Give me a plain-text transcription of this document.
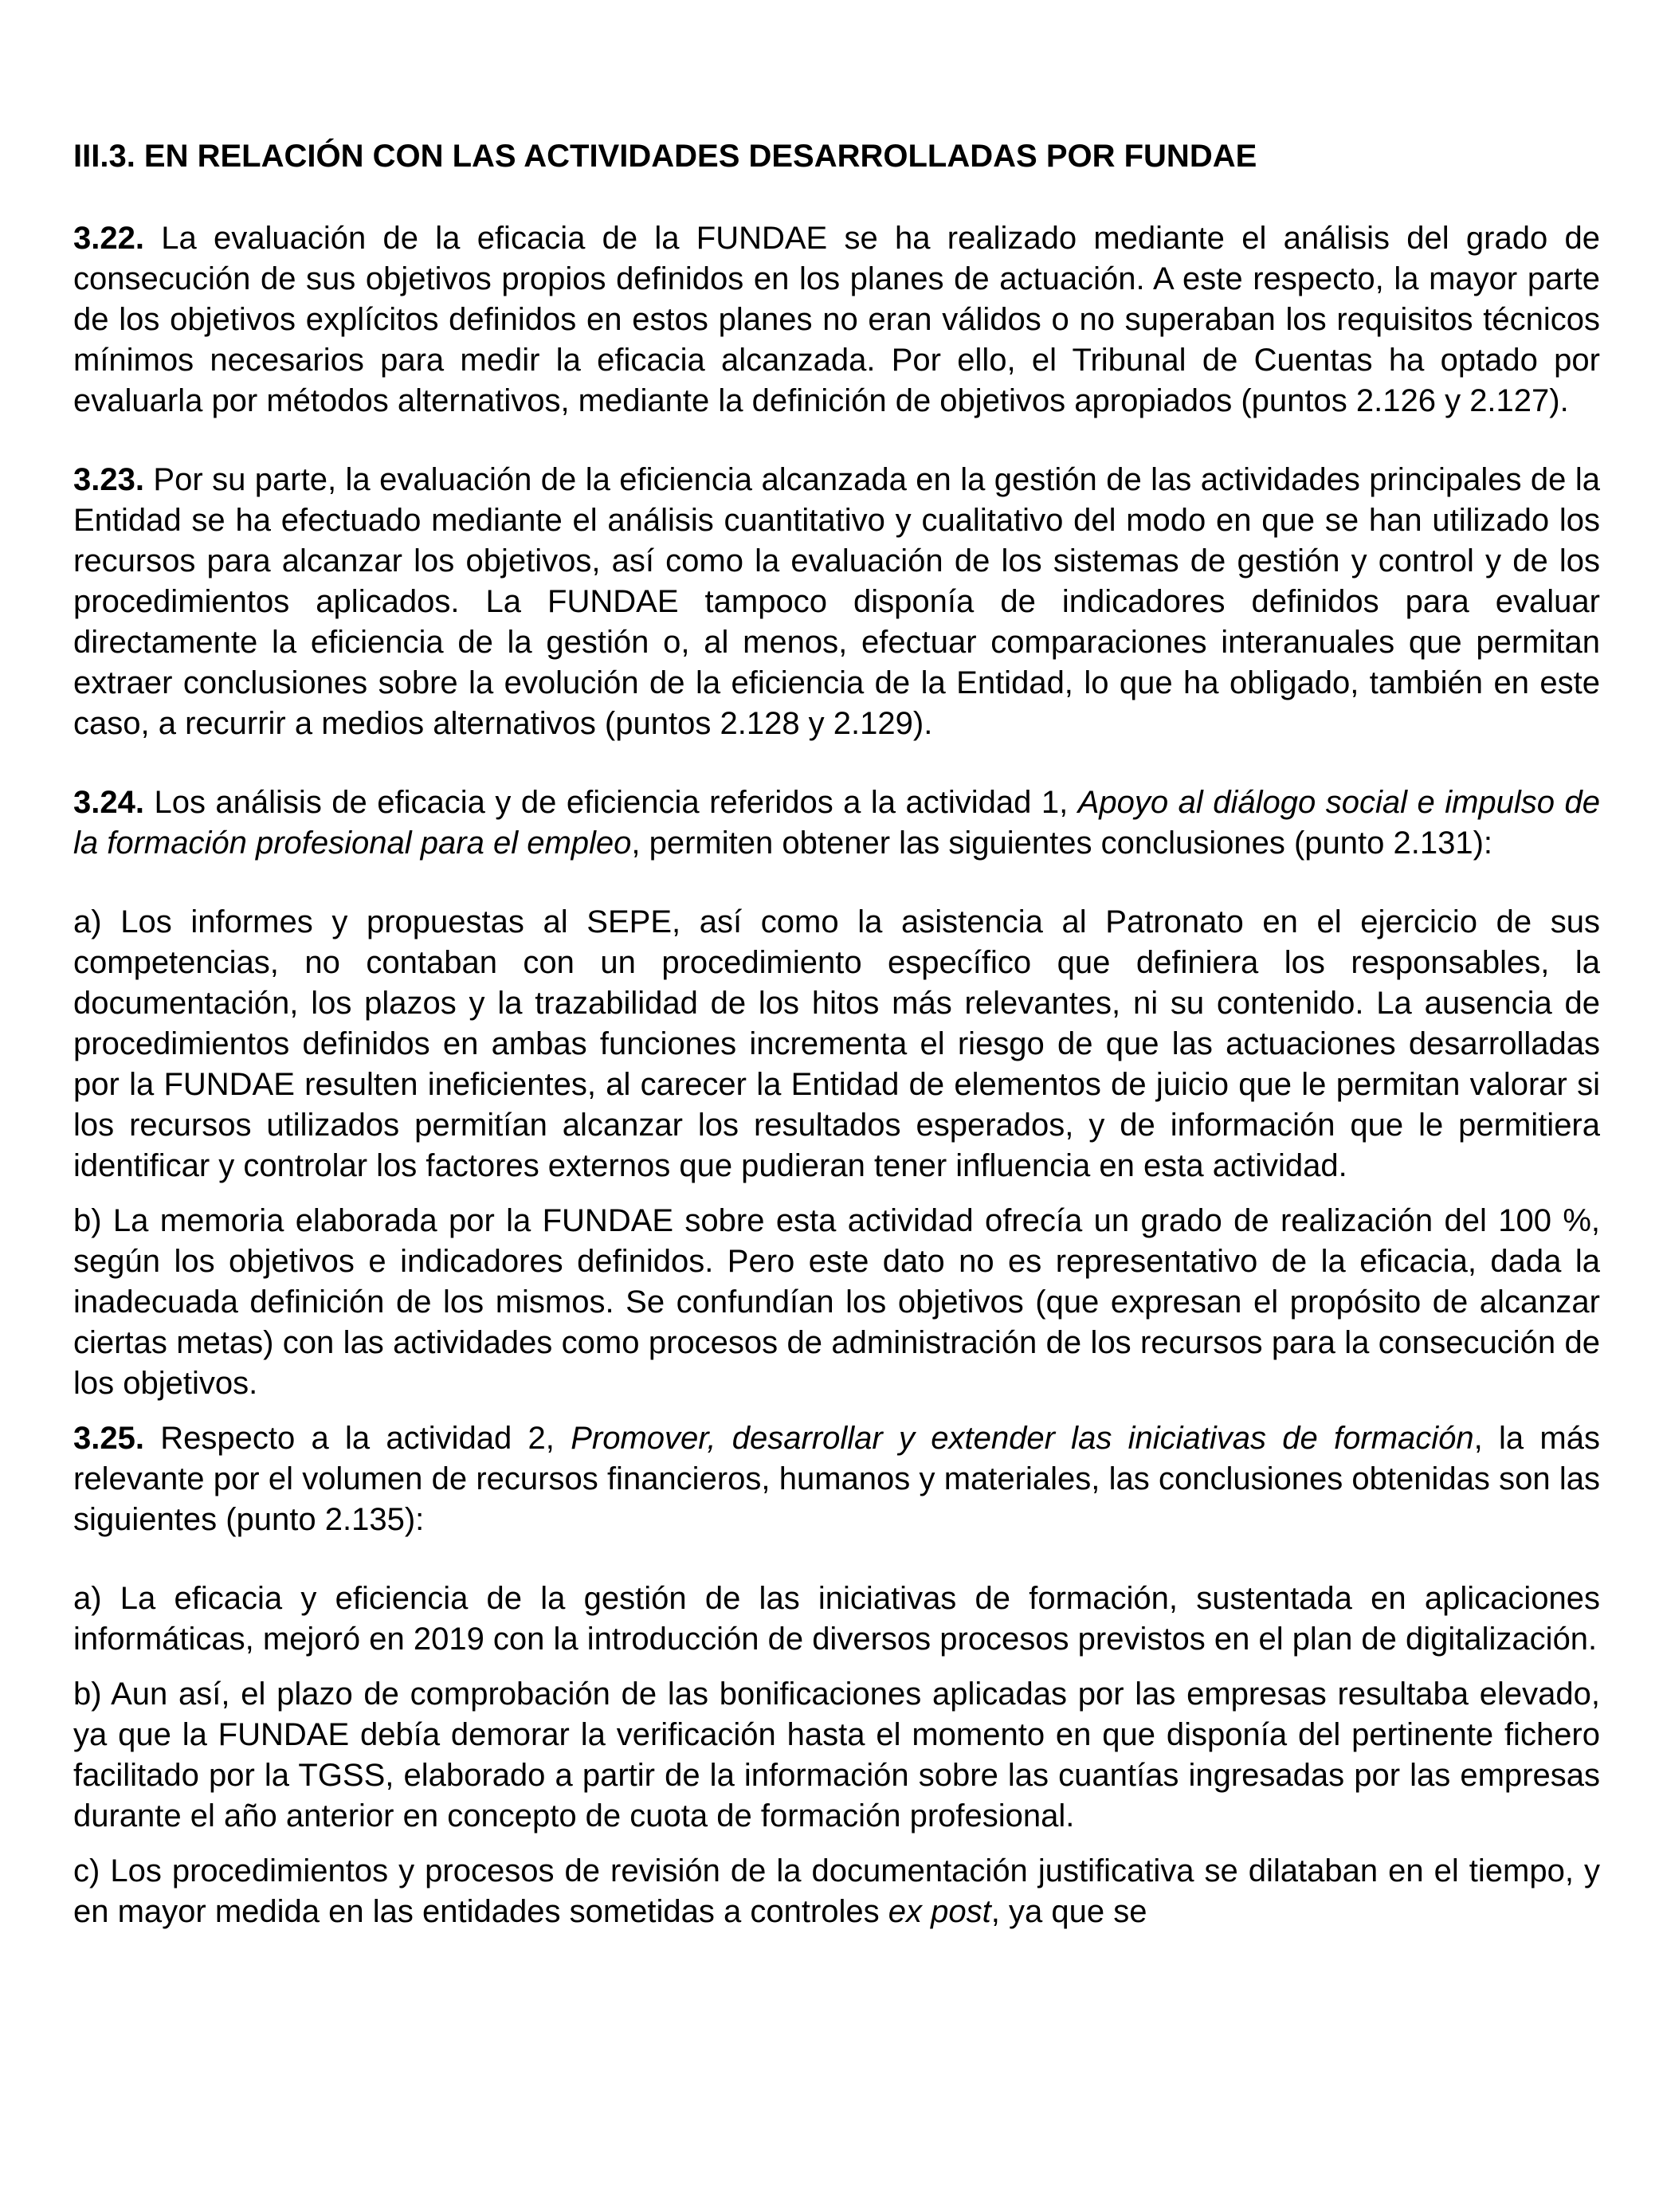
III.3. EN RELACIÓN CON LAS ACTIVIDADES DESARROLLADAS POR FUNDAE

3.22. La evaluación de la eficacia de la FUNDAE se ha realizado mediante el análisis del grado de consecución de sus objetivos propios definidos en los planes de actuación. A este respecto, la mayor parte de los objetivos explícitos definidos en estos planes no eran válidos o no superaban los requisitos técnicos mínimos necesarios para medir la eficacia alcanzada. Por ello, el Tribunal de Cuentas ha optado por evaluarla por métodos alternativos, mediante la definición de objetivos apropiados (puntos 2.126 y 2.127).

3.23. Por su parte, la evaluación de la eficiencia alcanzada en la gestión de las actividades principales de la Entidad se ha efectuado mediante el análisis cuantitativo y cualitativo del modo en que se han utilizado los recursos para alcanzar los objetivos, así como la evaluación de los sistemas de gestión y control y de los procedimientos aplicados. La FUNDAE tampoco disponía de indicadores definidos para evaluar directamente la eficiencia de la gestión o, al menos, efectuar comparaciones interanuales que permitan extraer conclusiones sobre la evolución de la eficiencia de la Entidad, lo que ha obligado, también en este caso, a recurrir a medios alternativos (puntos 2.128 y 2.129).

3.24. Los análisis de eficacia y de eficiencia referidos a la actividad 1, Apoyo al diálogo social e impulso de la formación profesional para el empleo, permiten obtener las siguientes conclusiones (punto 2.131):

a) Los informes y propuestas al SEPE, así como la asistencia al Patronato en el ejercicio de sus competencias, no contaban con un procedimiento específico que definiera los responsables, la documentación, los plazos y la trazabilidad de los hitos más relevantes, ni su contenido. La ausencia de procedimientos definidos en ambas funciones incrementa el riesgo de que las actuaciones desarrolladas por la FUNDAE resulten ineficientes, al carecer la Entidad de elementos de juicio que le permitan valorar si los recursos utilizados permitían alcanzar los resultados esperados, y de información que le permitiera identificar y controlar los factores externos que pudieran tener influencia en esta actividad.

b) La memoria elaborada por la FUNDAE sobre esta actividad ofrecía un grado de realización del 100 %, según los objetivos e indicadores definidos. Pero este dato no es representativo de la eficacia, dada la inadecuada definición de los mismos. Se confundían los objetivos (que expresan el propósito de alcanzar ciertas metas) con las actividades como procesos de administración de los recursos para la consecución de los objetivos.

3.25. Respecto a la actividad 2, Promover, desarrollar y extender las iniciativas de formación, la más relevante por el volumen de recursos financieros, humanos y materiales, las conclusiones obtenidas son las siguientes (punto 2.135):

a) La eficacia y eficiencia de la gestión de las iniciativas de formación, sustentada en aplicaciones informáticas, mejoró en 2019 con la introducción de diversos procesos previstos en el plan de digitalización.

b) Aun así, el plazo de comprobación de las bonificaciones aplicadas por las empresas resultaba elevado, ya que la FUNDAE debía demorar la verificación hasta el momento en que disponía del pertinente fichero facilitado por la TGSS, elaborado a partir de la información sobre las cuantías ingresadas por las empresas durante el año anterior en concepto de cuota de formación profesional.

c) Los procedimientos y procesos de revisión de la documentación justificativa se dilataban en el tiempo, y en mayor medida en las entidades sometidas a controles ex post, ya que se
